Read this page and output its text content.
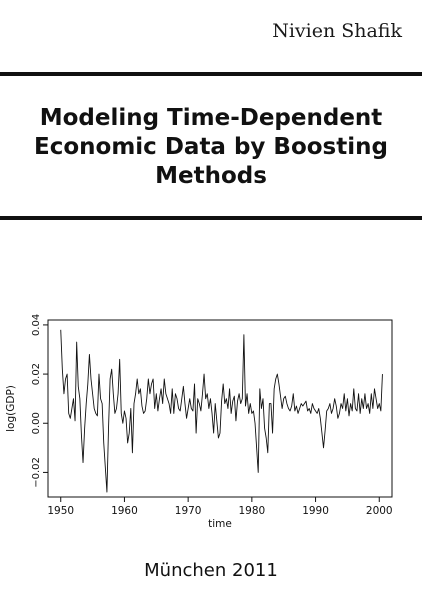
Nivien Shafik
Modeling Time-Dependent
Economic Data by Boosting
Methods
1950	1960	1970	1980	1990	2000
−0.02
0.00
0.02
0.04
time
log(GDP)
München 2011
